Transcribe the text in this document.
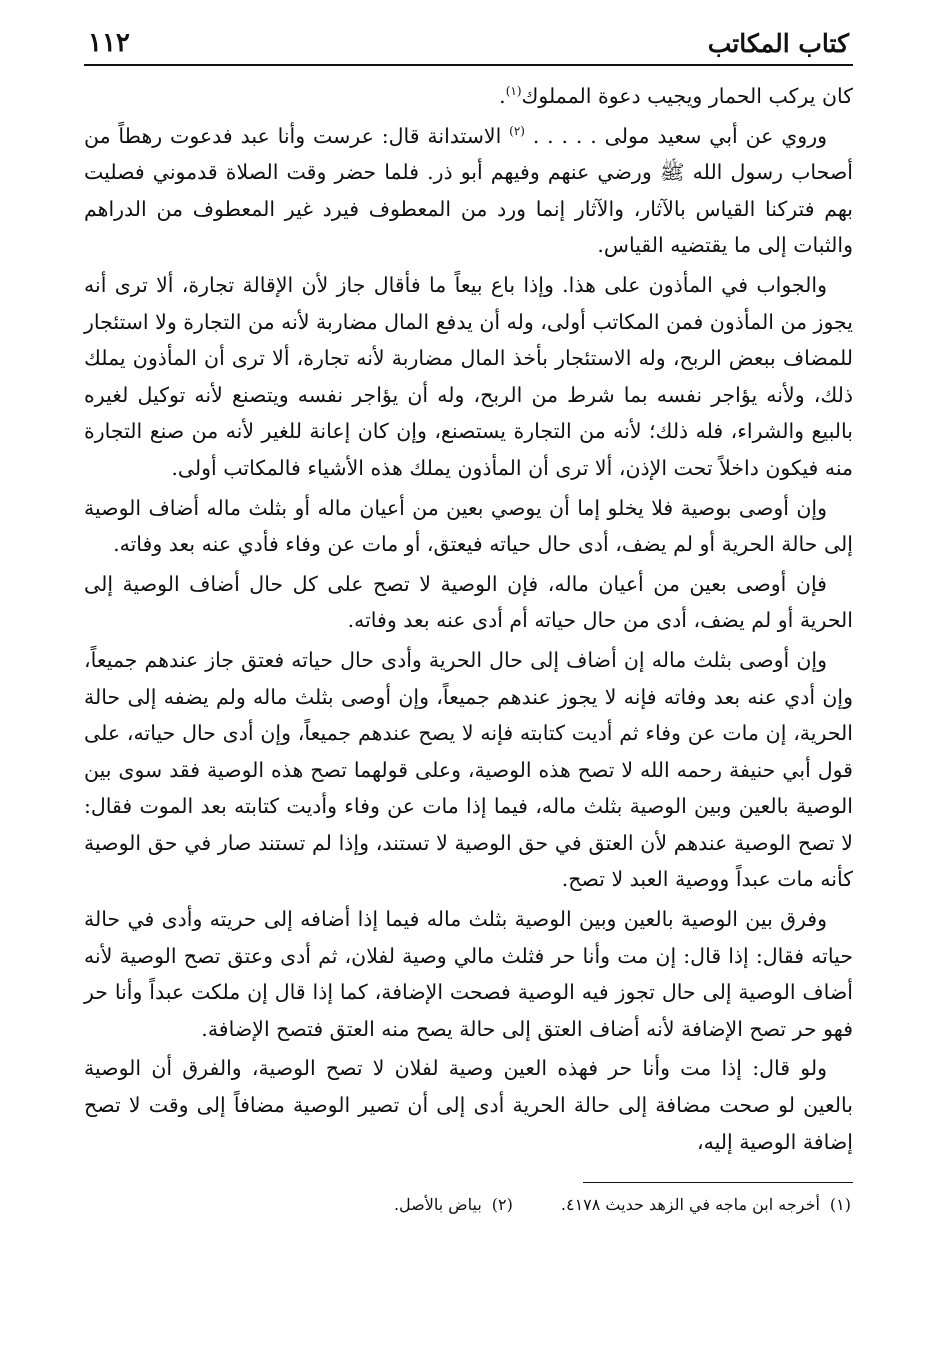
كتاب المكاتب
١١٢

كان يركب الحمار ويجيب دعوة المملوك$^{(١)}$.

وروي عن أبي سعيد مولى . . . . . $^{(٢)}$ الاستدانة قال: عرست وأنا عبد فدعوت رهطاً من أصحاب رسول الله ﷺ ورضي عنهم وفيهم أبو ذر. فلما حضر وقت الصلاة قدموني فصليت بهم فتركنا القياس بالآثار، والآثار إنما ورد من المعطوف فيرد غير المعطوف من الدراهم والثبات إلى ما يقتضيه القياس.

والجواب في المأذون على هذا. وإذا باع بيعاً ما فأقال جاز لأن الإقالة تجارة، ألا ترى أنه يجوز من المأذون فمن المكاتب أولى، وله أن يدفع المال مضاربة لأنه من التجارة ولا استئجار للمضاف ببعض الربح، وله الاستئجار بأخذ المال مضاربة لأنه تجارة، ألا ترى أن المأذون يملك ذلك، ولأنه يؤاجر نفسه بما شرط من الربح، وله أن يؤاجر نفسه ويتصنع لأنه توكيل لغيره بالبيع والشراء، فله ذلك؛ لأنه من التجارة يستصنع، وإن كان إعانة للغير لأنه من صنع التجارة منه فيكون داخلاً تحت الإذن، ألا ترى أن المأذون يملك هذه الأشياء فالمكاتب أولى.

وإن أوصى بوصية فلا يخلو إما أن يوصي بعين من أعيان ماله أو بثلث ماله أضاف الوصية إلى حالة الحرية أو لم يضف، أدى حال حياته فيعتق، أو مات عن وفاء فأدي عنه بعد وفاته.

فإن أوصى بعين من أعيان ماله، فإن الوصية لا تصح على كل حال أضاف الوصية إلى الحرية أو لم يضف، أدى من حال حياته أم أدى عنه بعد وفاته.

وإن أوصى بثلث ماله إن أضاف إلى حال الحرية وأدى حال حياته فعتق جاز عندهم جميعاً، وإن أدي عنه بعد وفاته فإنه لا يجوز عندهم جميعاً، وإن أوصى بثلث ماله ولم يضفه إلى حالة الحرية، إن مات عن وفاء ثم أديت كتابته فإنه لا يصح عندهم جميعاً، وإن أدى حال حياته، على قول أبي حنيفة رحمه الله لا تصح هذه الوصية، وعلى قولهما تصح هذه الوصية فقد سوى بين الوصية بالعين وبين الوصية بثلث ماله، فيما إذا مات عن وفاء وأديت كتابته بعد الموت فقال: لا تصح الوصية عندهم لأن العتق في حق الوصية لا تستند، وإذا لم تستند صار في حق الوصية كأنه مات عبداً ووصية العبد لا تصح.

وفرق بين الوصية بالعين وبين الوصية بثلث ماله فيما إذا أضافه إلى حريته وأدى في حالة حياته فقال: إذا قال: إن مت وأنا حر فثلث مالي وصية لفلان، ثم أدى وعتق تصح الوصية لأنه أضاف الوصية إلى حال تجوز فيه الوصية فصحت الإضافة، كما إذا قال إن ملكت عبداً وأنا حر فهو حر تصح الإضافة لأنه أضاف العتق إلى حالة يصح منه العتق فتصح الإضافة.

ولو قال: إذا مت وأنا حر فهذه العين وصية لفلان لا تصح الوصية، والفرق أن الوصية بالعين لو صحت مضافة إلى حالة الحرية أدى إلى أن تصير الوصية مضافاً إلى وقت لا تصح إضافة الوصية إليه،

(١)أخرجه ابن ماجه في الزهد حديث ٤١٧٨.
(٢)بياض بالأصل.
